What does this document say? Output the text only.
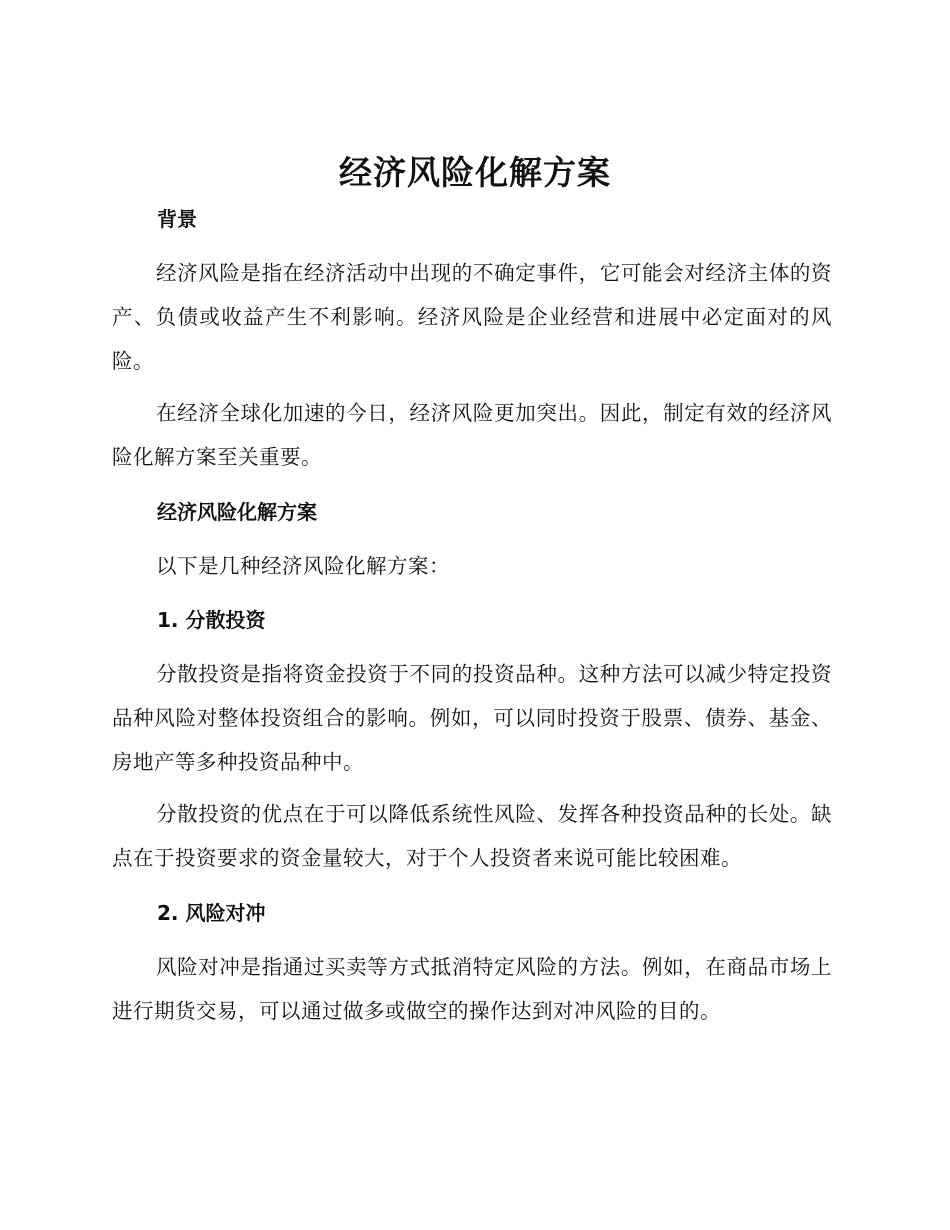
经济风险化解方案
背景

经济风险是指在经济活动中出现的不确定事件，它可能会对经济主体的资产、负债或收益产生不利影响。经济风险是企业经营和进展中必定面对的风险。

在经济全球化加速的今日，经济风险更加突出。因此，制定有效的经济风险化解方案至关重要。

经济风险化解方案

以下是几种经济风险化解方案：

1. 分散投资

分散投资是指将资金投资于不同的投资品种。这种方法可以减少特定投资品种风险对整体投资组合的影响。例如，可以同时投资于股票、债券、基金、房地产等多种投资品种中。

分散投资的优点在于可以降低系统性风险、发挥各种投资品种的长处。缺点在于投资要求的资金量较大，对于个人投资者来说可能比较困难。

2. 风险对冲

风险对冲是指通过买卖等方式抵消特定风险的方法。例如，在商品市场上进行期货交易，可以通过做多或做空的操作达到对冲风险的目的。
